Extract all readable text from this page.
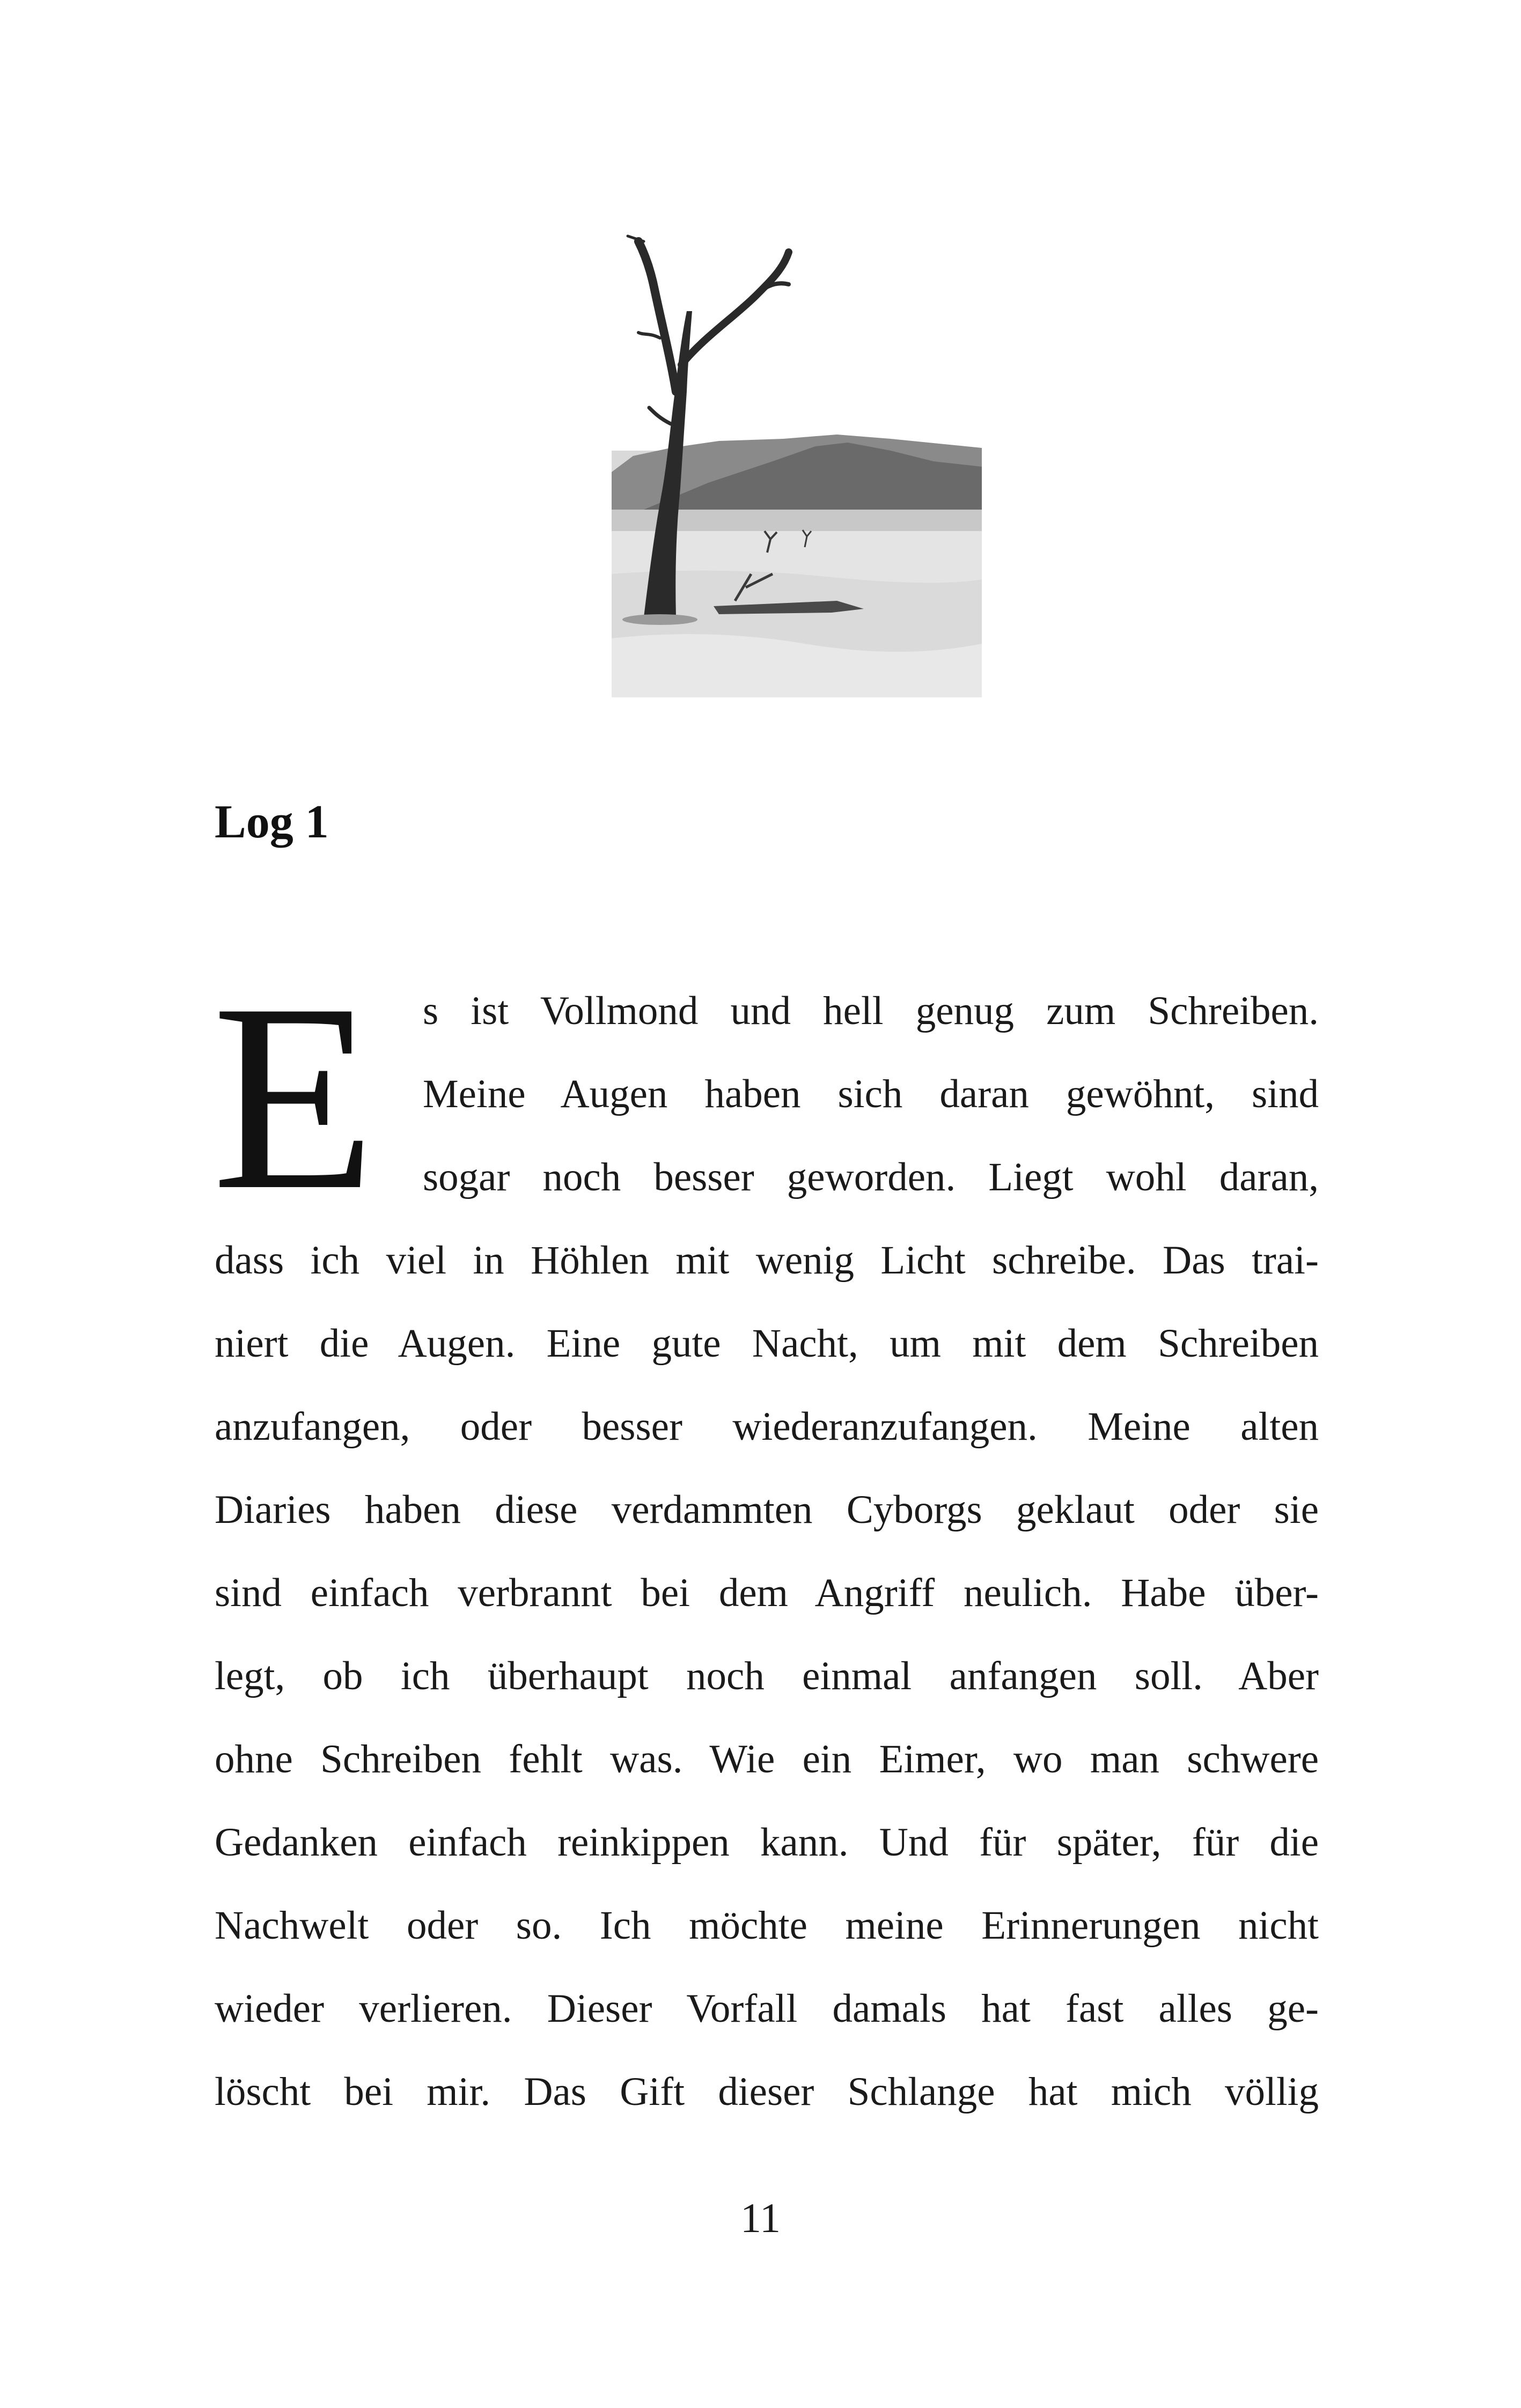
Log 1
E s ist Vollmond und hell genug zum Schreiben.
Meine Augen haben sich daran gewöhnt, sind
sogar noch besser geworden. Liegt wohl daran,
dass ich viel in Höhlen mit wenig Licht schreibe. Das trai-
niert die Augen. Eine gute Nacht, um mit dem Schreiben
anzufangen, oder besser wiederanzufangen. Meine alten
Diaries haben diese verdammten Cyborgs geklaut oder sie
sind einfach verbrannt bei dem Angriff neulich. Habe über-
legt, ob ich überhaupt noch einmal anfangen soll. Aber
ohne Schreiben fehlt was. Wie ein Eimer, wo man schwere
Gedanken einfach reinkippen kann. Und für später, für die
Nachwelt oder so. Ich möchte meine Erinnerungen nicht
wieder verlieren. Dieser Vorfall damals hat fast alles ge-
löscht bei mir. Das Gift dieser Schlange hat mich völlig
11
